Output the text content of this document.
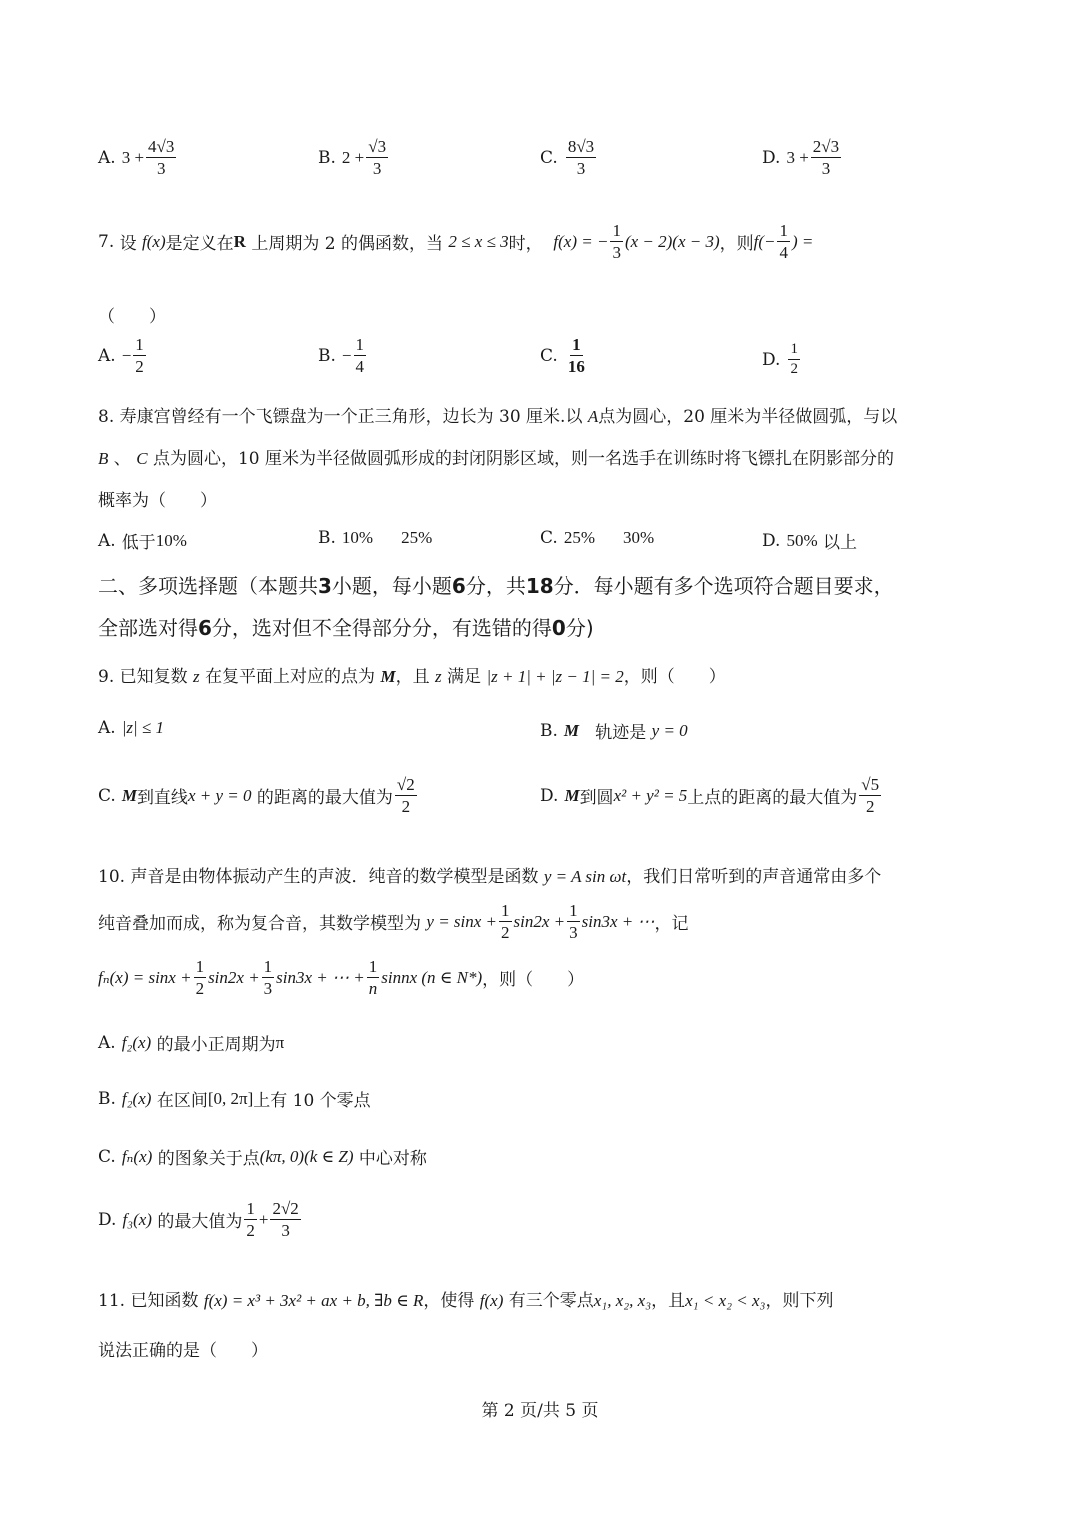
A. $3 + \frac{4√3}{3}$	B. $2 + \frac{√3}{3}$	C. $\frac{8√3}{3}$	D. $3 + \frac{2√3}{3}$
7.
设
f(x) 是定义在 R
上周期为 2 的偶函数，当
2 ≤ x ≤ 3 时，
f(x) = − $\frac{1}{3} (x - 2)(x - 3)$ ，则 $f(- \frac{1}{4}$ ) =
（　　）
A. − $\frac{1}{2}$	B. − $\frac{1}{4}$	C. $\frac{1}{16}$	D. $\frac{1}{2}$
8. 寿康宫曾经有一个飞镖盘为一个正三角形，边长为 30 厘米.以 A点为圆心，20 厘米为半径做圆弧，与以
B 、 C 点为圆心，10 厘米为半径做圆弧形成的封闭阴影区域，则一名选手在训练时将飞镖扎在阴影部分的
概率为（　　）
A. 低于 10%	B. 10% 25%	C. 25% 30%	D. 50%
以上
二、多项选择题（本题共3小题，每小题6分，共18分．每小题有多个选项符合题目要求，
全部选对得6分，选对但不全得部分分，有选错的得0分)
9. 已知复数 z 在复平面上对应的点为 M，且 z 满足 |z + 1| + |z − 1| = 2，则（　　）
A. |z| ≤ 1	B. M
轨迹是
y = 0
C. M 到直线 x + y = 0
的距离的最大值为 $\frac{√2}{2}$	D. M 到圆 x² + y² = 5 上点的距离的最大值为 $\frac{√5}{2}$
10. 声音是由物体振动产生的声波．纯音的数学模型是函数 y = A sin ωt，我们日常听到的声音通常由多个
纯音叠加而成，称为复合音，其数学模型为
$y = \sin x + \frac{1}{2} \sin 2x + \frac{1}{3} \sin 3x$ + ⋯ ，记
$f_n(x) = \sin x + \frac{1}{2} \sin 2x + \frac{1}{3} \sin 3x$ + ⋯ + $\frac{1}{n}$ sinnx (n ∈ N*) ，则（　　）
A. f₂(x)
的最小正周期为 π
B. f₂(x)
在区间 [0, 2π] 上有 10 个零点
C. fₙ(x)
的图象关于点 (kπ, 0)(k ∈ Z)
中心对称
D. f₃(x)
的最大值为 $\frac{1}{2} + \frac{2√2}{3}$
11. 已知函数 f(x) = x³ + 3x² + ax + b, ∃b ∈ R，使得 f(x) 有三个零点x₁, x₂, x₃，且x₁ < x₂ < x₃，则下列
说法正确的是（　　）
第 2 页/共 5 页
